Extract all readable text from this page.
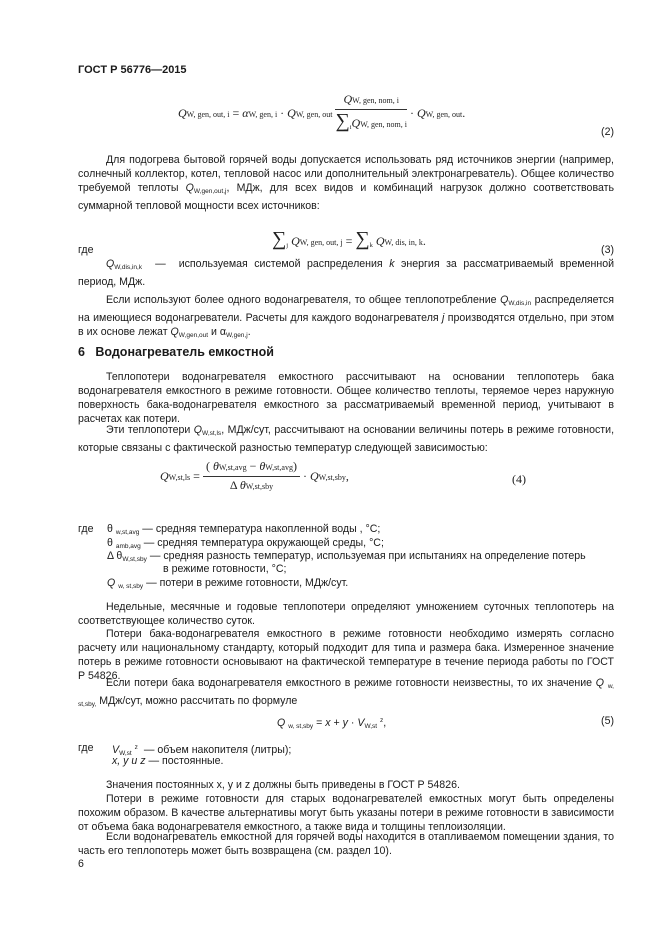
ГОСТ Р 56776—2015
QW, gen, out, i = αW, gen, i · QW, gen, out $\frac{\text{QW, gen, nom, i}}{\sum_iQW, gen, nom, i}$ · QW, gen, out.
(2)
Для подогрева бытовой горячей воды допускается использовать ряд источников энергии (например, солнечный коллектор, котел, тепловой насос или дополнительный электронагреватель). Общее количество требуемой теплоты QW,gen,out,j, МДж, для всех видов и комбинаций нагрузок должно соответствовать суммарной тепловой мощности всех источников:
$\sum_j$ QW, gen, out, $j = \sum_k$ QW, dis, in, k.
(3)
где
QW,dis,in,k — используемая системой распределения k энергия за рассматриваемый временной период, МДж.
Если используют более одного водонагревателя, то общее теплопотребление QW,dis,in распределяется на имеющиеся водонагреватели. Расчеты для каждого водонагревателя j производятся отдельно, при этом в их основе лежат QW,gen,out и αW,gen,j.
6 Водонагреватель емкостной
Теплопотери водонагревателя емкостного рассчитывают на основании теплопотерь бака водонагревателя емкостного в режиме готовности. Общее количество теплоты, теряемое через наружную поверхность бака-водонагревателя емкостного за рассматриваемый временной период, учитывают в расчетах как потери.
Эти теплопотери QW,st,ls, МДж/сут, рассчитывают на основании величины потерь в режиме готовности, которые связаны с фактической разностью температур следующей зависимостью:
$QW,st,ls = \frac{\text{( θW,st,avg − θW,st,avg)}}{\text{Δ θW,st,sby}} \cdot QW,st,sby$,	(4)
где θ w,st,avg — средняя температура накопленной воды , °С;
θ amb,avg — средняя температура окружающей среды, °С;
Δ θW,st,sby — средняя разность температур, используемая при испытаниях на определение потерь
в режиме готовности, °С;
Q w, st,sby — потери в режиме готовности, МДж/сут.
Недельные, месячные и годовые теплопотери определяют умножением суточных теплопотерь на соответствующее количество суток.
Потери бака-водонагревателя емкостного в режиме готовности необходимо измерять согласно расчету или национальному стандарту, который подходит для типа и размера бака. Измеренное значение потерь в режиме готовности основывают на фактической температуре в течение периода работы по ГОСТ Р 54826.
Если потери бака водонагревателя емкостного в режиме готовности неизвестны, то их значение Q w, st,sby, МДж/сут, можно рассчитать по формуле
Q w, st,sby = x + y · VW,st $^z$,	(5)
где VW,st $^z$ — объем накопителя (литры);
x, y и z — постоянные.
Значения постоянных x, y и z должны быть приведены в ГОСТ Р 54826.
Потери в режиме готовности для старых водонагревателей емкостных могут быть определены похожим образом. В качестве альтернативы могут быть указаны потери в режиме готовности в зависимости от объема бака водонагревателя емкостного, а также вида и толщины теплоизоляции.
Если водонагреватель емкостной для горячей воды находится в отапливаемом помещении здания, то часть его теплопотерь может быть возвращена (см. раздел 10).
6
